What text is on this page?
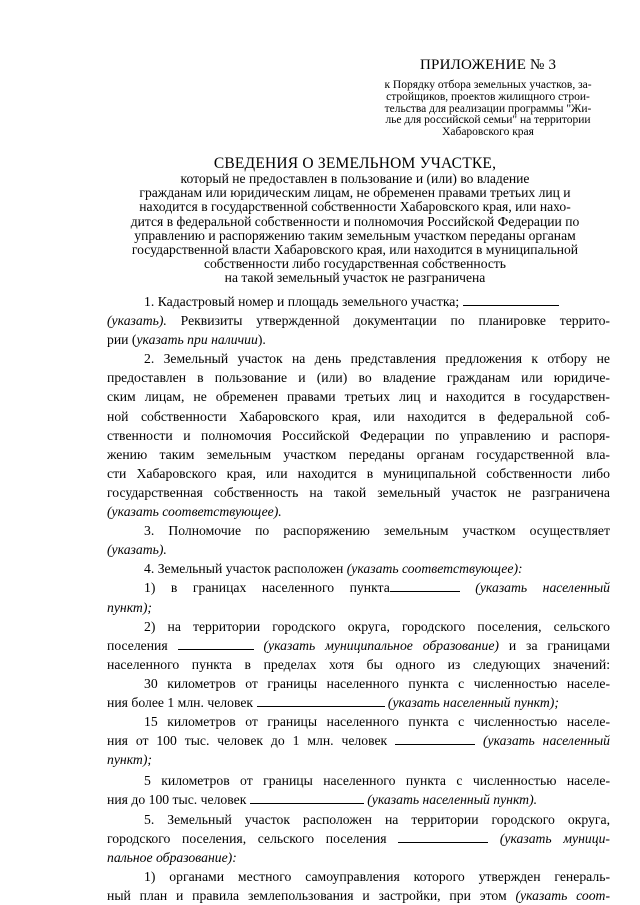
ПРИЛОЖЕНИЕ № 3
к Порядку отбора земельных участков, за-
стройщиков, проектов жилищного строи-
тельства для реализации программы "Жи-
лье для российской семьи" на территории
Хабаровского края
СВЕДЕНИЯ О ЗЕМЕЛЬНОМ УЧАСТКЕ,
который не предоставлен в пользование и (или) во владение
гражданам или юридическим лицам, не обременен правами третьих лиц и
находится в государственной собственности Хабаровского края, или нахо-
дится в федеральной собственности и полномочия Российской Федерации по
управлению и распоряжению таким земельным участком переданы органам
государственной власти Хабаровского края, или находится в муниципальной
собственности либо государственная собственность
на такой земельный участок не разграничена
1. Кадастровый номер и площадь земельного участка;
(указать). Реквизиты утвержденной документации по планировке террито-
рии (указать при наличии).
2. Земельный участок на день представления предложения к отбору не
предоставлен в пользование и (или) во владение гражданам или юридиче-
ским лицам, не обременен правами третьих лиц и находится в государствен-
ной собственности Хабаровского края, или находится в федеральной соб-
ственности и полномочия Российской Федерации по управлению и распоря-
жению таким земельным участком переданы органам государственной вла-
сти Хабаровского края, или находится в муниципальной собственности либо
государственная собственность на такой земельный участок не разграничена
(указать соответствующее).
3. Полномочие по распоряжению земельным участком осуществляет
(указать).
4. Земельный участок расположен (указать соответствующее):
1) в границах населенного пункта	(указать населенный
пункт);
2) на территории городского округа, городского поселения, сельского
поселения	(указать муниципальное образование) и за границами
населенного пункта в пределах хотя бы одного из следующих значений:
30 километров от границы населенного пункта с численностью населе-
ния более 1 млн. человек	(указать населенный пункт);
15 километров от границы населенного пункта с численностью населе-
ния от 100 тыс. человек до 1 млн. человек	(указать населенный
пункт);
5 километров от границы населенного пункта с численностью населе-
ния до 100 тыс. человек	(указать населенный пункт).
5. Земельный участок расположен на территории городского округа,
городского поселения, сельского поселения	(указать муници-
пальное образование):
1) органами местного самоуправления которого утвержден генераль-
ный план и правила землепользования и застройки, при этом (указать соот-
